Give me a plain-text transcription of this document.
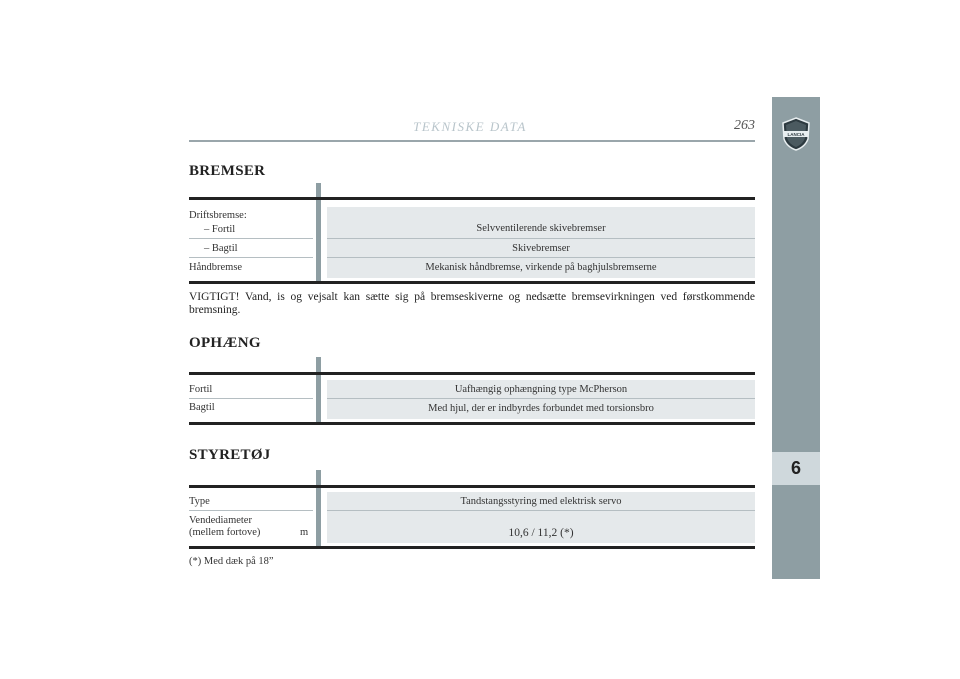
TEKNISKE DATA	263
LANCIA
6
BREMSER
Driftsbremse:
– Fortil
– Bagtil
Håndbremse
Selvventilerende skivebremser
Skivebremser
Mekanisk håndbremse, virkende på baghjulsbremserne
VIGTIGT! Vand, is og vejsalt kan sætte sig på bremseskiverne og nedsætte bremsevirkningen ved førstkommende bremsning.
OPHÆNG
Fortil
Bagtil
Uafhængig ophængning type McPherson
Med hjul, der er indbyrdes forbundet med torsionsbro
STYRETØJ
Type
Vendediameter
(mellem fortove)	m
Tandstangsstyring med elektrisk servo
10,6 / 11,2 (*)
(*) Med dæk på 18”
